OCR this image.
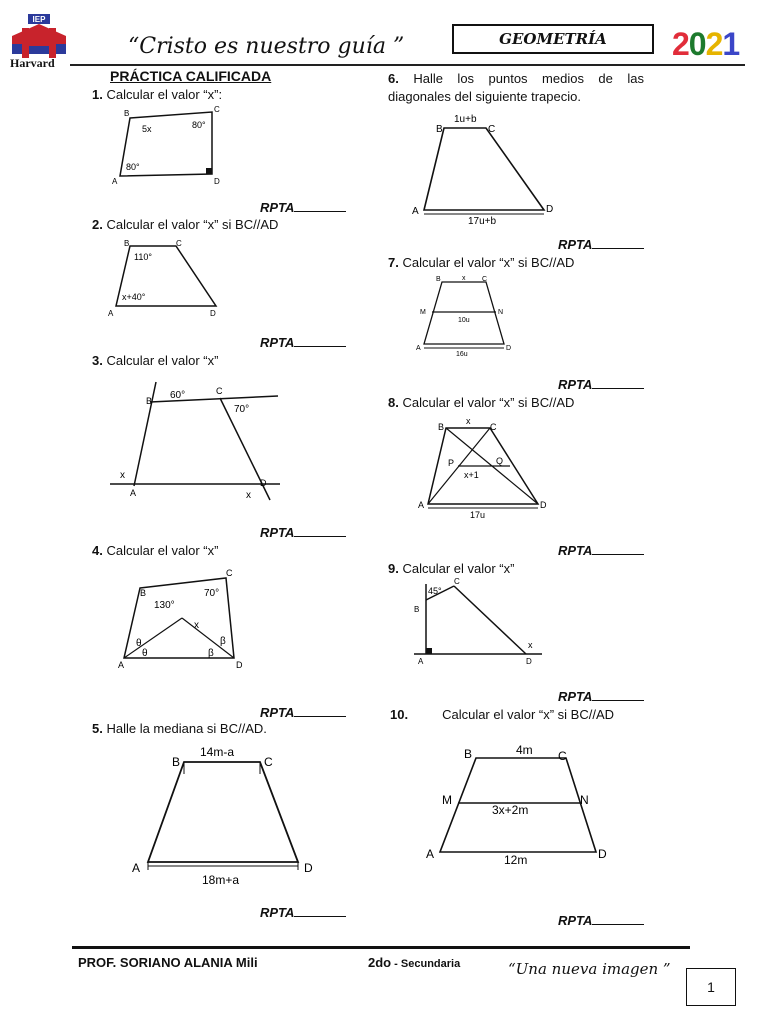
IEP
Harvard
“Cristo es nuestro guía ”	GEOMETRÍA	2021
PRÁCTICA CALIFICADA
1. Calcular el valor “x”:
B	C
A	D
5x	80°
80°
RPTA
2. Calcular el valor “x” si BC//AD
B	C
A	D
110°
x+40°
RPTA
3. Calcular el valor “x”
B
C
A
D
60°
70°
x
x
RPTA
4. Calcular el valor “x”
B
C
A	D
130°
70°
x
θ
θ
β
β
RPTA
5. Halle la mediana si BC//AD.
B	C
A	D
14m-a
18m+a
RPTA
6. Halle los puntos medios de las diagonales del siguiente trapecio.
B	C
A	D
1u+b
17u+b
RPTA
7. Calcular el valor “x” si BC//AD
B	C
A	D
M	N
x
10u
16u
RPTA
8. Calcular el valor “x” si BC//AD
B	C
A	D
P	Q
x
x+1
17u
RPTA
9. Calcular el valor “x”
B
C
A	D
45°
x
RPTA
10.	Calcular el valor “x” si BC//AD
B	C
A	D
M	N
4m
3x+2m
12m
RPTA
PROF. SORIANO ALANIA Mili	2do - Secundaria	“Una nueva imagen ”
1
